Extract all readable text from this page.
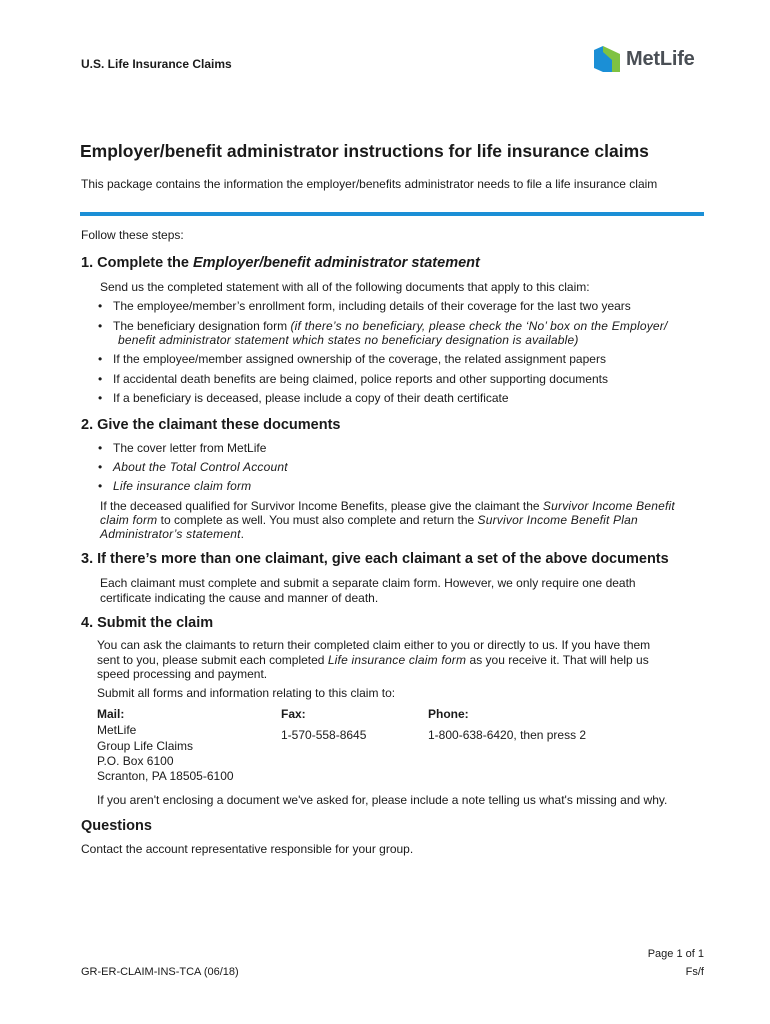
U.S. Life Insurance Claims	MetLife
Employer/benefit administrator instructions for life insurance claims
This package contains the information the employer/benefits administrator needs to file a life insurance claim
Follow these steps:
1. Complete the Employer/benefit administrator statement
Send us the completed statement with all of the following documents that apply to this claim:
The employee/member’s enrollment form, including details of their coverage for the last two years
The beneficiary designation form (if there’s no beneficiary, please check the ‘No’ box on the Employer/
benefit administrator statement which states no beneficiary designation is available)
If the employee/member assigned ownership of the coverage, the related assignment papers
If accidental death benefits are being claimed, police reports and other supporting documents
If a beneficiary is deceased, please include a copy of their death certificate
2. Give the claimant these documents
The cover letter from MetLife
About the Total Control Account
Life insurance claim form
If the deceased qualified for Survivor Income Benefits, please give the claimant the Survivor Income Benefit
claim form to complete as well. You must also complete and return the Survivor Income Benefit Plan
Administrator’s statement.
3. If there’s more than one claimant, give each claimant a set of the above documents
Each claimant must complete and submit a separate claim form. However, we only require one death
certificate indicating the cause and manner of death.
4. Submit the claim
You can ask the claimants to return their completed claim either to you or directly to us. If you have them
sent to you, please submit each completed Life insurance claim form as you receive it. That will help us
speed processing and payment.
Submit all forms and information relating to this claim to:
Mail:
MetLife
Group Life Claims
P.O. Box 6100
Scranton, PA 18505-6100
Fax:
1-570-558-8645
Phone:
1-800-638-6420, then press 2
If you aren't enclosing a document we've asked for, please include a note telling us what's missing and why.
Questions
Contact the account representative responsible for your group.
Page 1 of 1
GR-ER-CLAIM-INS-TCA (06/18)	Fs/f
